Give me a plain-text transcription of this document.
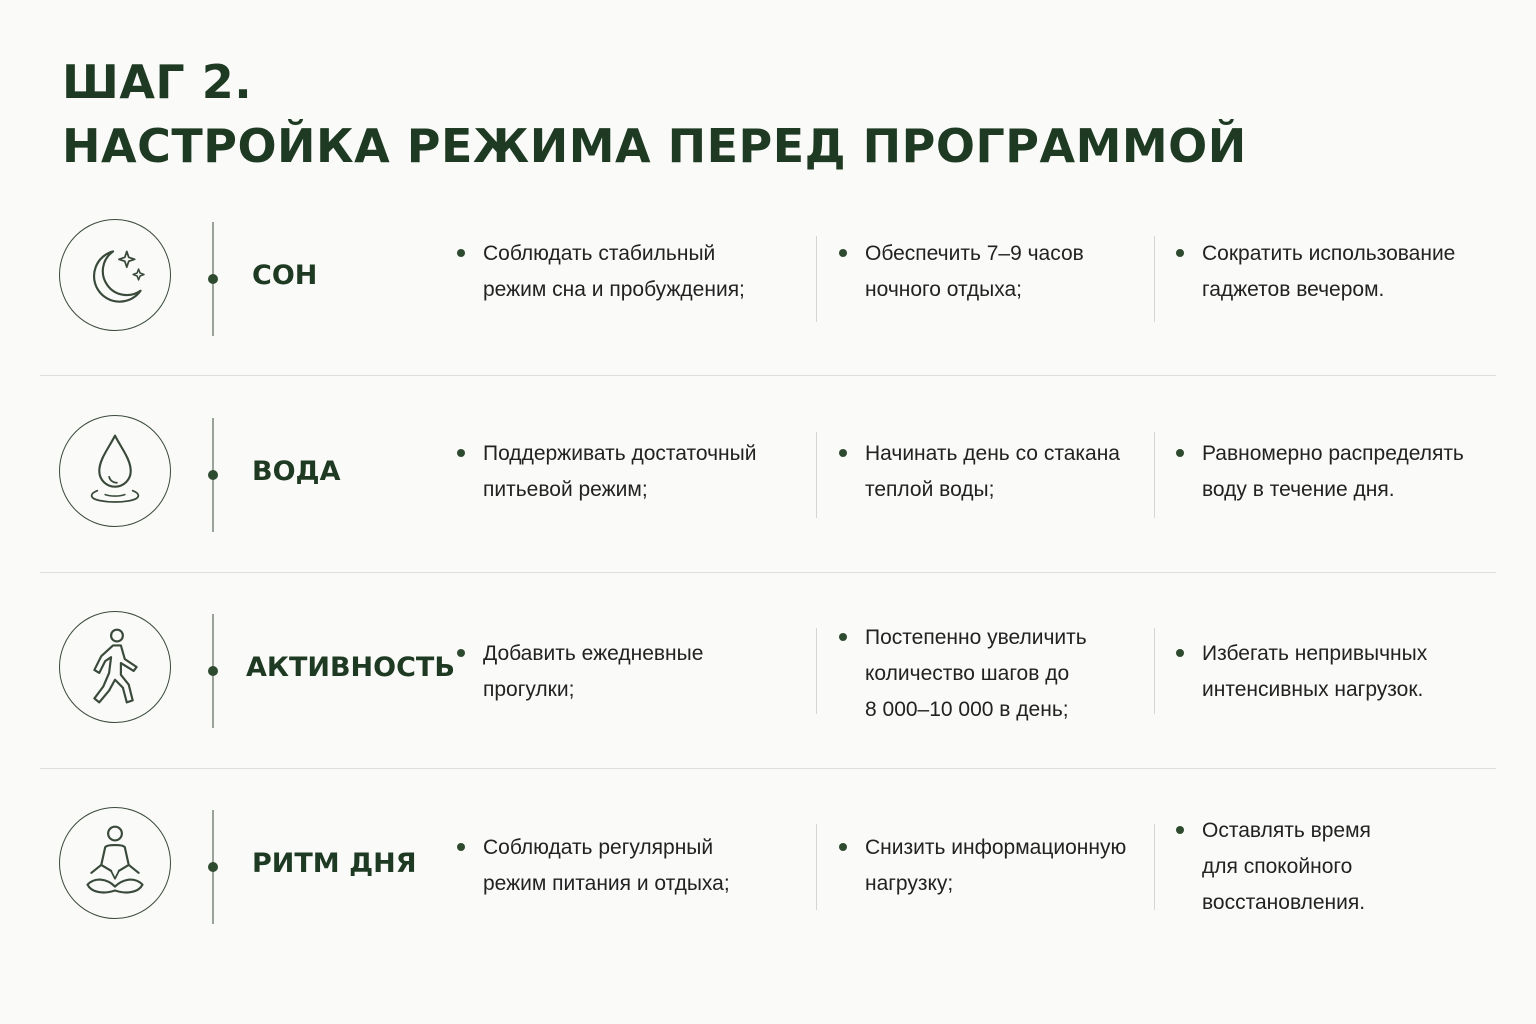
ШАГ 2.
НАСТРОЙКА РЕЖИМА ПЕРЕД ПРОГРАММОЙ
СОН
Соблюдать стабильный
режим сна и пробуждения;
Обеспечить 7–9 часов
ночного отдыха;
Сократить использование
гаджетов вечером.
ВОДА
Поддерживать достаточный
питьевой режим;
Начинать день со стакана
теплой воды;
Равномерно распределять
воду в течение дня.
АКТИВНОСТЬ Добавить ежедневные
прогулки;
Постепенно увеличить
количество шагов до
8 000–10 000 в день;
Избегать непривычных
интенсивных нагрузок.
РИТМ ДНЯ
Соблюдать регулярный
режим питания и отдыха;
Снизить информационную
нагрузку;
Оставлять время
для спокойного
восстановления.
